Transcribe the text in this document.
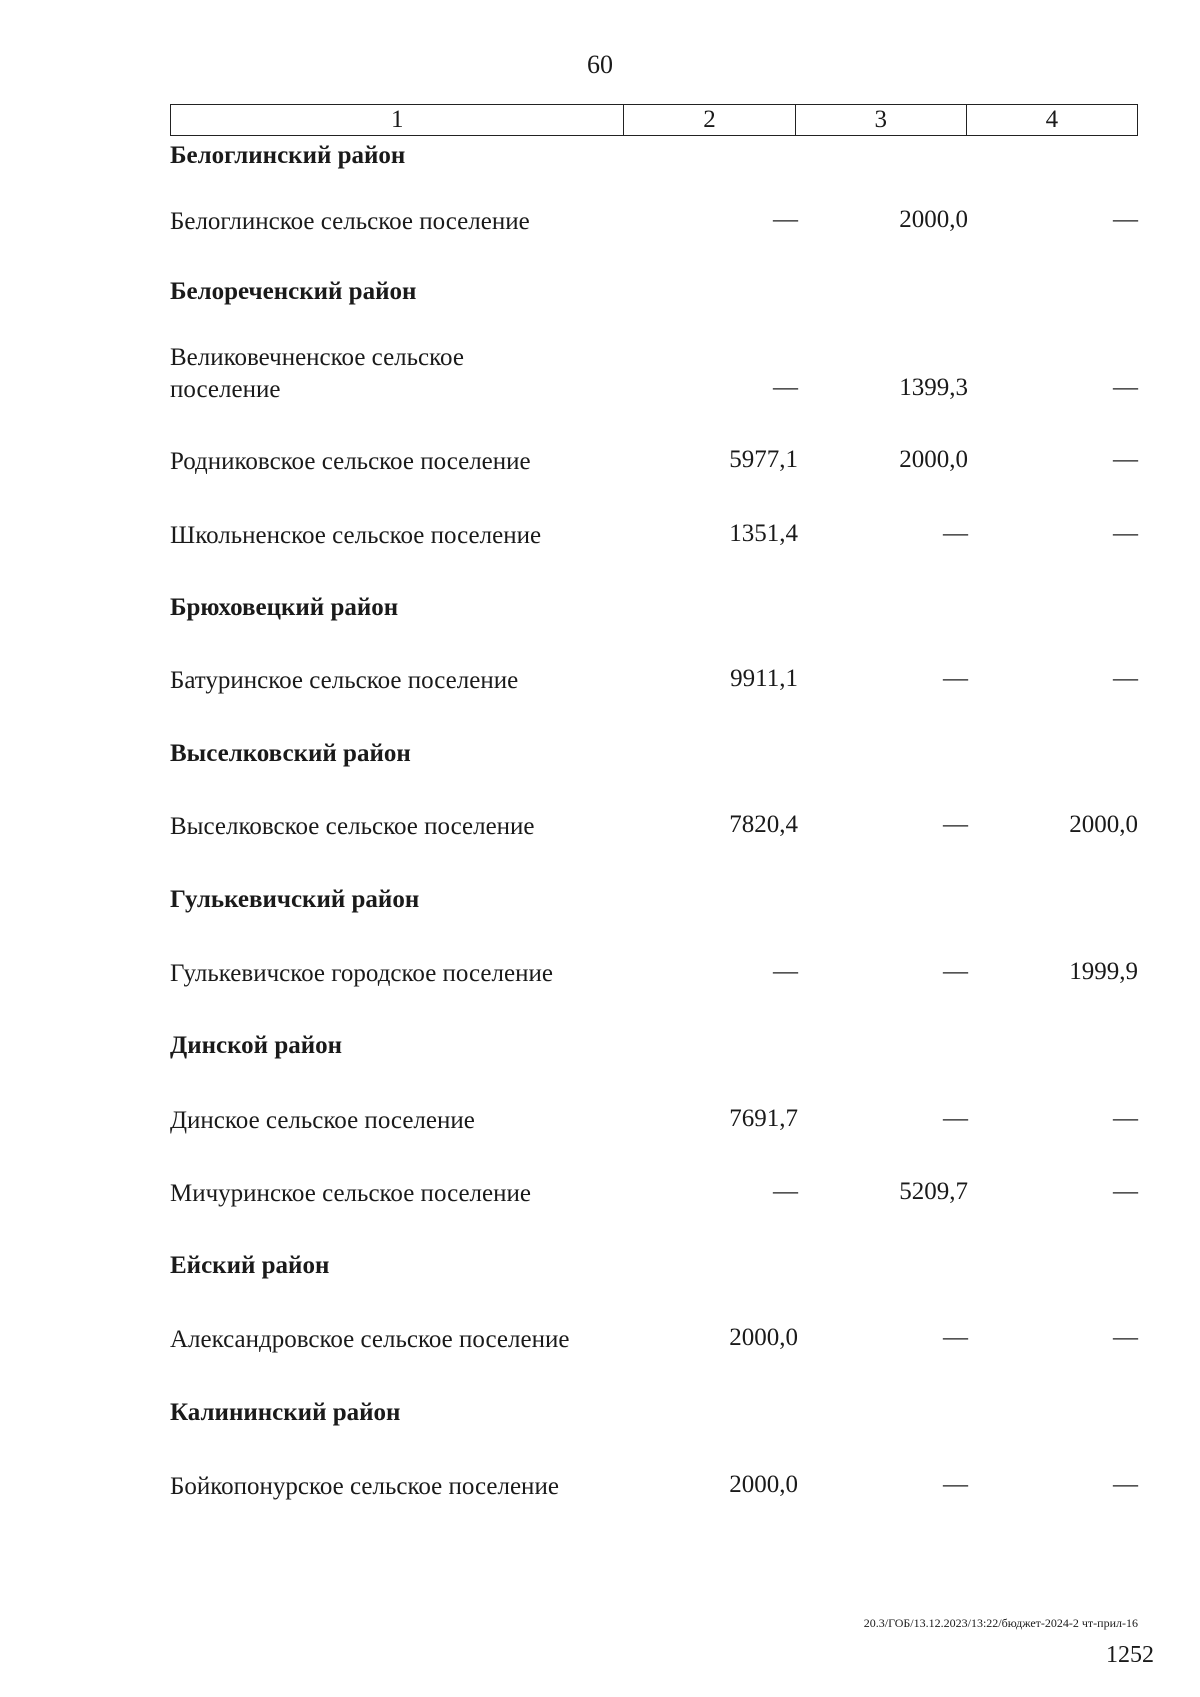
60
1	2	3	4
Белоглинский район
Белоглинское сельское поселение	—	2000,0	—
Белореченский район
Великовечненское сельское
поселение	—	1399,3	—
Родниковское сельское поселение	5977,1	2000,0	—
Школьненское сельское поселение	1351,4	—	—
Брюховецкий район
Батуринское сельское поселение	9911,1	—	—
Выселковский район
Выселковское сельское поселение	7820,4	—	2000,0
Гулькевичский район
Гулькевичское городское поселение	—	—	1999,9
Динской район
Динское сельское поселение	7691,7	—	—
Мичуринское сельское поселение	—	5209,7	—
Ейский район
Александровское сельское поселение	2000,0	—	—
Калининский район
Бойкопонурское сельское поселение	2000,0	—	—
20.3/ГОБ/13.12.2023/13:22/бюджет-2024-2 чт-прил-16
1252
